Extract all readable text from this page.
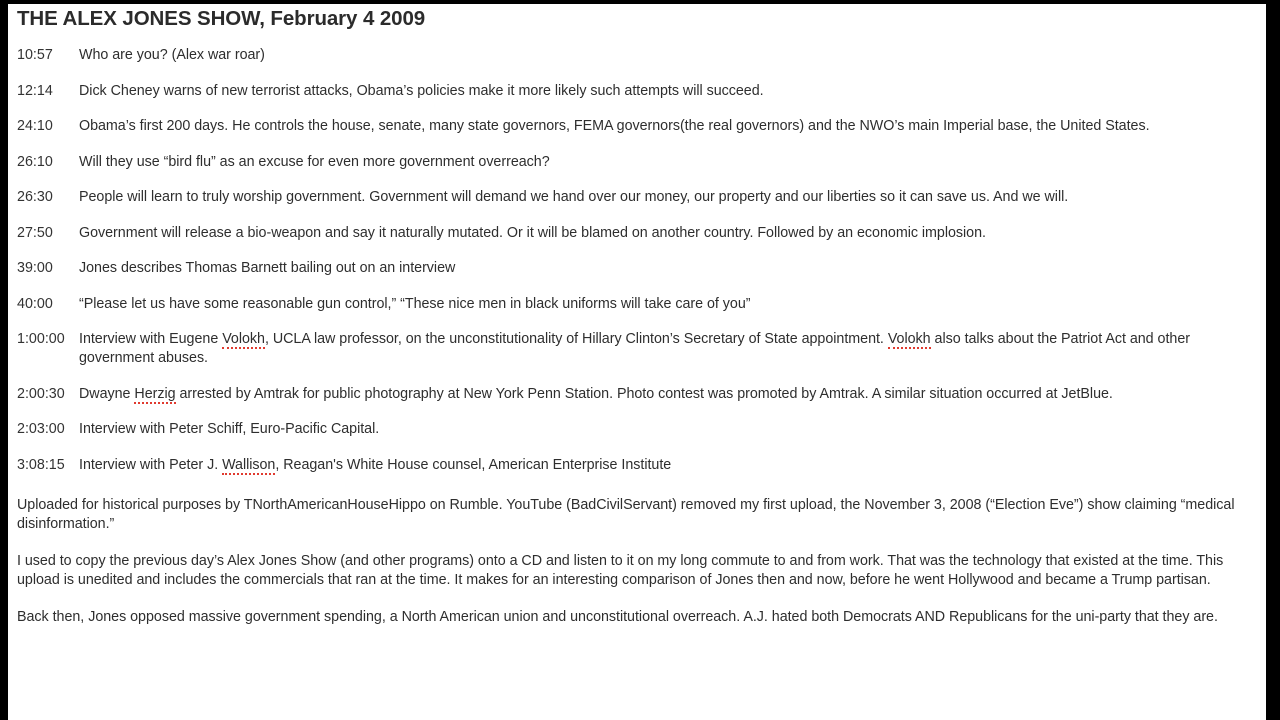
THE ALEX JONES SHOW, February 4 2009
10:57	Who are you? (Alex war roar)
12:14	Dick Cheney warns of new terrorist attacks, Obama’s policies make it more likely such attempts will succeed.
24:10	Obama’s first 200 days. He controls the house, senate, many state governors, FEMA governors(the real governors) and the NWO’s main Imperial base, the United States.
26:10	Will they use “bird flu” as an excuse for even more government overreach?
26:30	People will learn to truly worship government. Government will demand we hand over our money, our property and our liberties so it can save us. And we will.
27:50	Government will release a bio-weapon and say it naturally mutated. Or it will be blamed on another country. Followed by an economic implosion.
39:00	Jones describes Thomas Barnett bailing out on an interview
40:00	“Please let us have some reasonable gun control,” “These nice men in black uniforms will take care of you”
1:00:00 Interview with Eugene Volokh, UCLA law professor, on the unconstitutionality of Hillary Clinton’s Secretary of State appointment. Volokh also talks about the Patriot Act and other government abuses.
2:00:30 Dwayne Herzig arrested by Amtrak for public photography at New York Penn Station. Photo contest was promoted by Amtrak. A similar situation occurred at JetBlue.
2:03:00 Interview with Peter Schiff, Euro-Pacific Capital.
3:08:15 Interview with Peter J. Wallison, Reagan's White House counsel, American Enterprise Institute

Uploaded for historical purposes by TNorthAmericanHouseHippo on Rumble. YouTube (BadCivilServant) removed my first upload, the November 3, 2008 (“Election Eve”) show claiming “medical disinformation.”

I used to copy the previous day’s Alex Jones Show (and other programs) onto a CD and listen to it on my long commute to and from work. That was the technology that existed at the time. This upload is unedited and includes the commercials that ran at the time. It makes for an interesting comparison of Jones then and now, before he went Hollywood and became a Trump partisan.

Back then, Jones opposed massive government spending, a North American union and unconstitutional overreach. A.J. hated both Democrats AND Republicans for the uni-party that they are.
